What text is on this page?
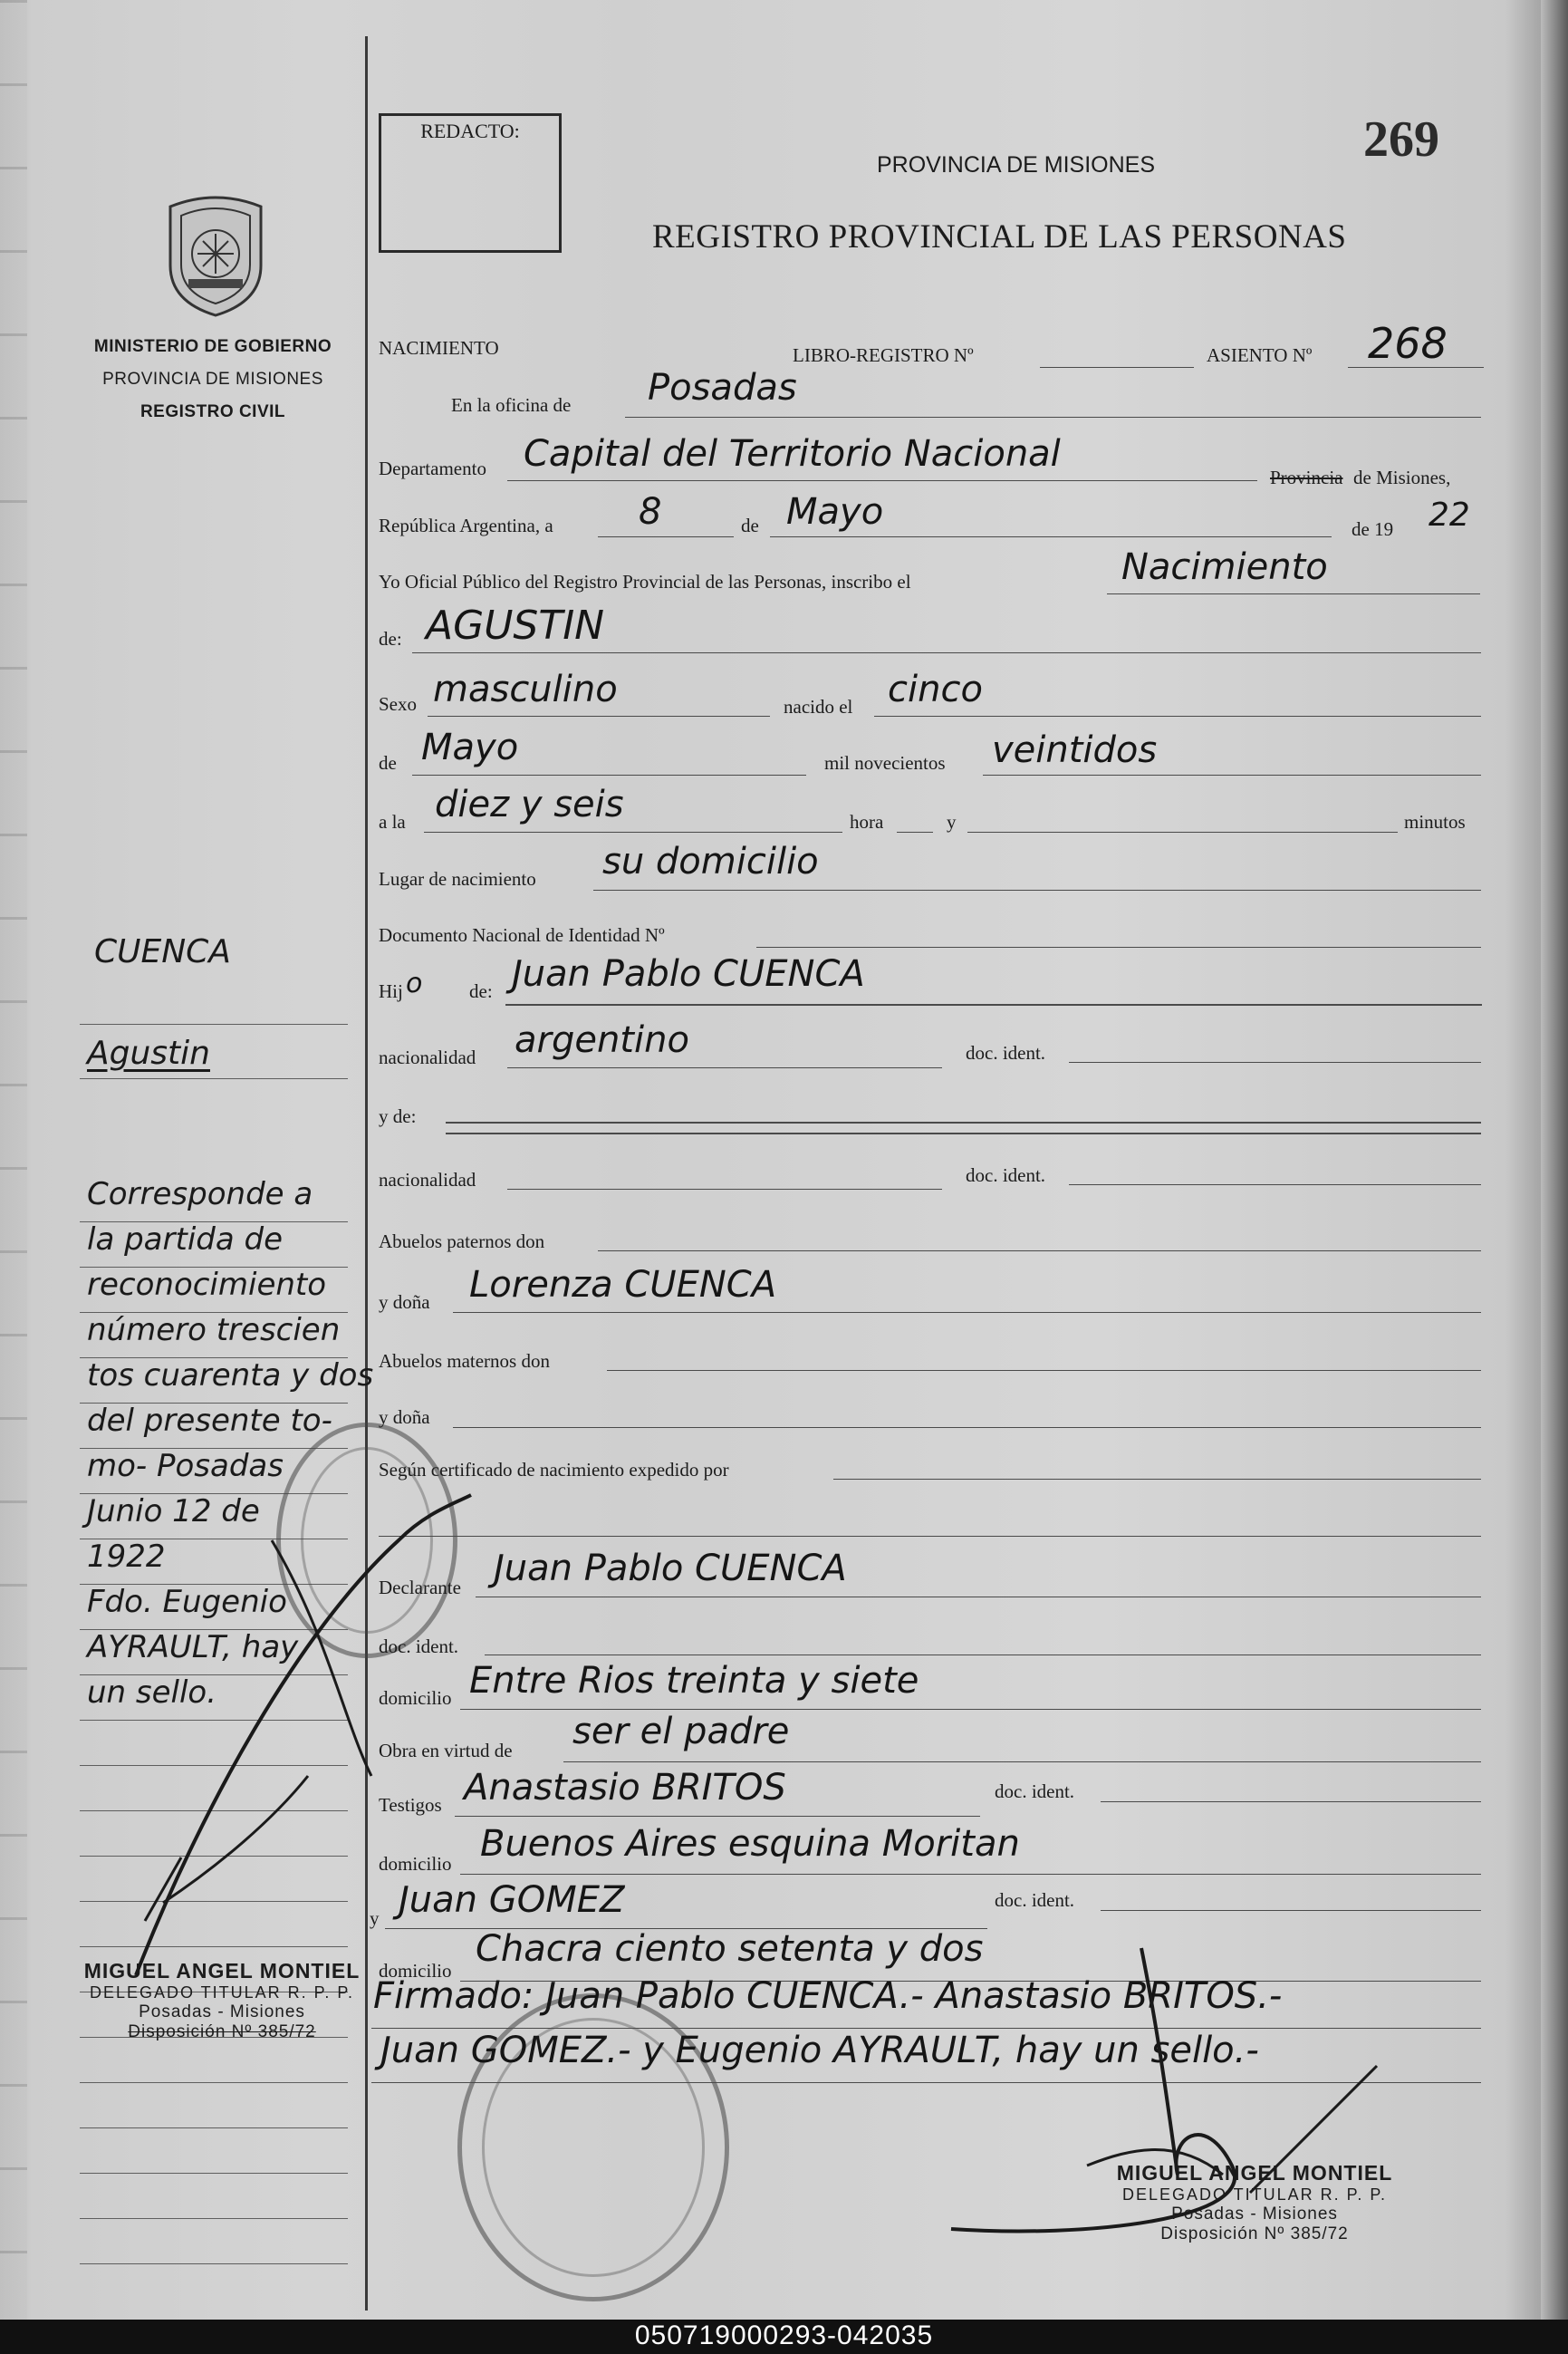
MINISTERIO DE GOBIERNO
PROVINCIA DE MISIONES
REGISTRO CIVIL
CUENCA
Agustin
Corresponde a
la partida de
reconocimiento
número trescien
tos cuarenta y dos
del presente to-
mo- Posadas
Junio 12 de
1922
Fdo. Eugenio
AYRAULT, hay
un sello.
REDACTO:	269
PROVINCIA DE MISIONES
REGISTRO PROVINCIAL DE LAS PERSONAS
NACIMIENTO	LIBRO-REGISTRO Nº	ASIENTO Nº 268
En la oficina de Posadas
Departamento Capital del Territorio Nacional
Provincia de Misiones,
República Argentina, a 8	de Mayo	de 19 22
Yo Oficial Público del Registro Provincial de las Personas, inscribo el	Nacimiento
de: AGUSTIN
Sexo masculino	nacido el cinco
de Mayo	mil novecientos veintidos
a la diez y seis	hora	y	minutos
Lugar de nacimiento su domicilio
Documento Nacional de Identidad Nº
Hij o de: Juan Pablo CUENCA
nacionalidad argentino	doc. ident.
y de:
nacionalidad	doc. ident.
Abuelos paternos don
y doña Lorenza CUENCA
Abuelos maternos don
y doña
Según certificado de nacimiento expedido por
Declarante Juan Pablo CUENCA
doc. ident.
domicilio Entre Rios treinta y siete
Obra en virtud de ser el padre
Testigos Anastasio BRITOS	doc. ident.
domicilio Buenos Aires esquina Moritan
y Juan GOMEZ	doc. ident.
domicilio
Chacra ciento setenta y dos
Firmado: Juan Pablo CUENCA.- Anastasio BRITOS.-
Juan GOMEZ.- y Eugenio AYRAULT, hay un sello.-
MIGUEL ANGEL MONTIEL
DELEGADO TITULAR R. P. P.
Posadas - Misiones
Disposición Nº 385/72
MIGUEL ANGEL MONTIEL
DELEGADO TITULAR R. P. P.
Posadas - Misiones
Disposición Nº 385/72
050719000293-042035
